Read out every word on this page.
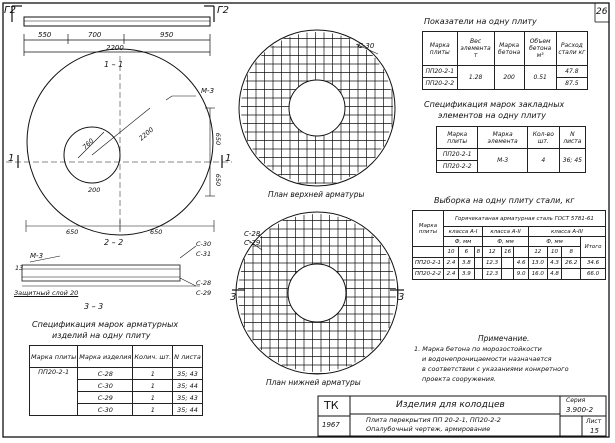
Г2	Г2	26
550	700	950
2200
1 – 1
М-3
2200
760	650
650
200
650	650
1	1
2 – 2
М-3
13
С-30
С-31
С-28
С-29
Защитный слой 20
3 – 3
Спецификация марок арматурных
изделий на одну плиту
Марка плиты	Марка изделия	Колич. шт.	N листа
ПП20-2-1	С-28	1	35; 43
	С-30	1	35; 44
	С-29	1	35; 43
	С-30	1	35; 44
С-30
План верхней арматуры
С-28
С-29
3	3
План нижней арматуры
Показатели на одну плиту
Марка плиты	Вес элемента т	Марка бетона	Объем бетона м³	Расход стали кг
ПП20-2-1	1.28	200	0.51	47.8
ПП20-2-2				87.5
Спецификация марок закладных
элементов на одну плиту
Марка плиты	Марка элемента	Кол-во шт.	N листа
ПП20-2-1	М-3	4	36; 45
ПП20-2-2			
Выборка на одну плиту стали, кг
Марка плиты	Горячекатаная арматурная сталь ГОСТ 5781-61									
	класса А-I			класса А-II			класса А-III			
	Ф, мм			Ф, мм			Ф, мм			Итого
	10	6	8	12	16		12	10	8	
ПП20-2-1	2.4	3.8		12.3		4.6	13.0	4.3	26.2	34.6
ПП20-2-2	2.4	3.9		12.3		9.0	16.0	4.8		66.0
Примечание.
1. Марка бетона по морозостойкости
и водонепроницаемости назначается
в соответствии с указаниями конкретного
проекта сооружения.
ТК
1967
Изделия для колодцев
Плита перекрытия ПП 20-2-1, ПП20-2-2
Опалубочный чертеж, армирование
Серия
3.900-2
Лист
15
